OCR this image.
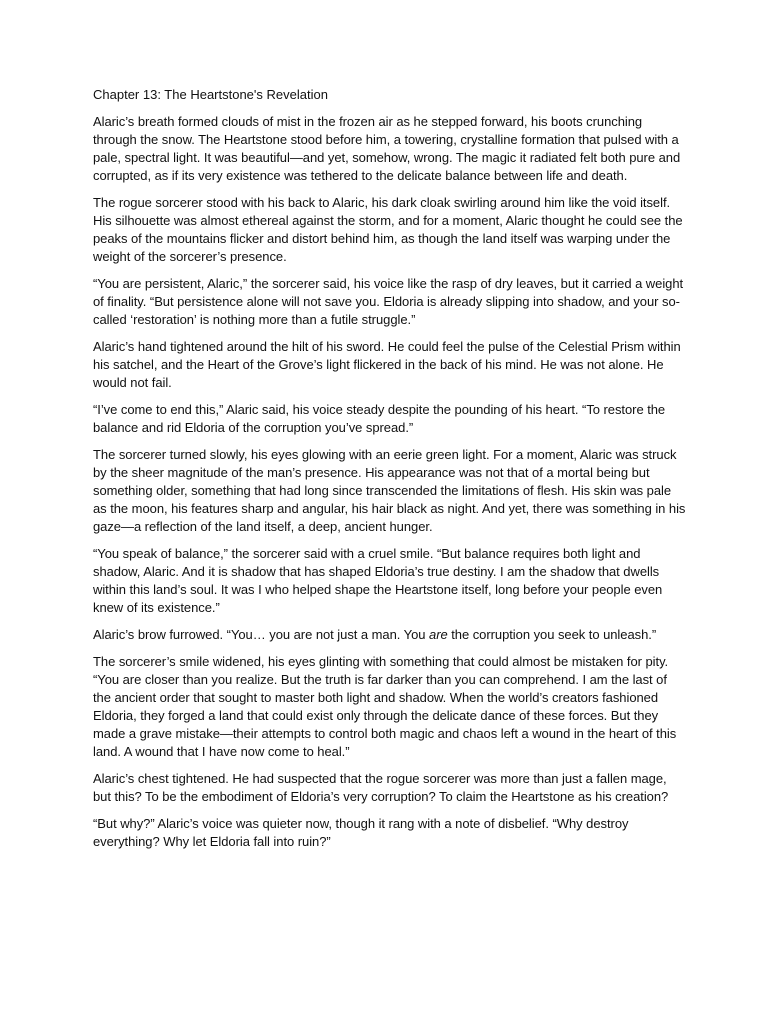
Chapter 13: The Heartstone's Revelation

Alaric’s breath formed clouds of mist in the frozen air as he stepped forward, his boots crunching through the snow. The Heartstone stood before him, a towering, crystalline formation that pulsed with a pale, spectral light. It was beautiful—and yet, somehow, wrong. The magic it radiated felt both pure and corrupted, as if its very existence was tethered to the delicate balance between life and death.

The rogue sorcerer stood with his back to Alaric, his dark cloak swirling around him like the void itself. His silhouette was almost ethereal against the storm, and for a moment, Alaric thought he could see the peaks of the mountains flicker and distort behind him, as though the land itself was warping under the weight of the sorcerer’s presence.

“You are persistent, Alaric,” the sorcerer said, his voice like the rasp of dry leaves, but it carried a weight of finality. “But persistence alone will not save you. Eldoria is already slipping into shadow, and your so-called ‘restoration’ is nothing more than a futile struggle.”

Alaric’s hand tightened around the hilt of his sword. He could feel the pulse of the Celestial Prism within his satchel, and the Heart of the Grove’s light flickered in the back of his mind. He was not alone. He would not fail.

“I’ve come to end this,” Alaric said, his voice steady despite the pounding of his heart. “To restore the balance and rid Eldoria of the corruption you’ve spread.”

The sorcerer turned slowly, his eyes glowing with an eerie green light. For a moment, Alaric was struck by the sheer magnitude of the man’s presence. His appearance was not that of a mortal being but something older, something that had long since transcended the limitations of flesh. His skin was pale as the moon, his features sharp and angular, his hair black as night. And yet, there was something in his gaze—a reflection of the land itself, a deep, ancient hunger.

“You speak of balance,” the sorcerer said with a cruel smile. “But balance requires both light and shadow, Alaric. And it is shadow that has shaped Eldoria’s true destiny. I am the shadow that dwells within this land’s soul. It was I who helped shape the Heartstone itself, long before your people even knew of its existence.”

Alaric’s brow furrowed. “You… you are not just a man. You are the corruption you seek to unleash.”

The sorcerer’s smile widened, his eyes glinting with something that could almost be mistaken for pity. “You are closer than you realize. But the truth is far darker than you can comprehend. I am the last of the ancient order that sought to master both light and shadow. When the world’s creators fashioned Eldoria, they forged a land that could exist only through the delicate dance of these forces. But they made a grave mistake—their attempts to control both magic and chaos left a wound in the heart of this land. A wound that I have now come to heal.”

Alaric’s chest tightened. He had suspected that the rogue sorcerer was more than just a fallen mage, but this? To be the embodiment of Eldoria’s very corruption? To claim the Heartstone as his creation?

“But why?” Alaric’s voice was quieter now, though it rang with a note of disbelief. “Why destroy everything? Why let Eldoria fall into ruin?”
